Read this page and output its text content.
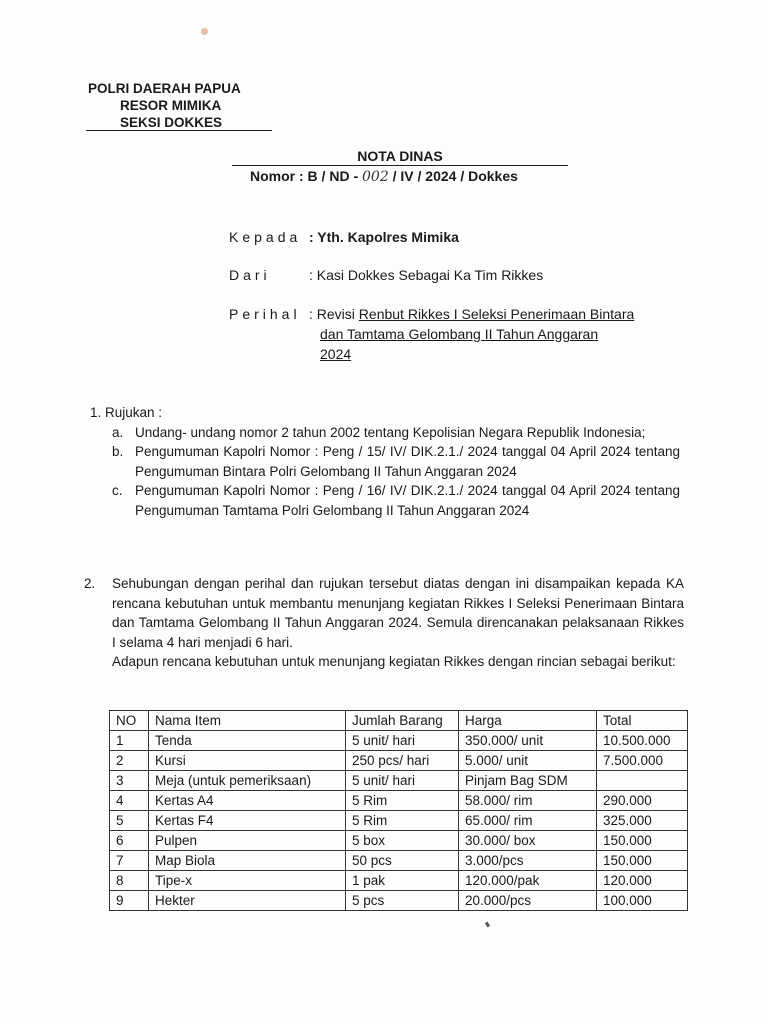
POLRI DAERAH PAPUA
RESOR MIMIKA
SEKSI DOKKES
NOTA DINAS
Nomor : B / ND - 002 / IV / 2024 / Dokkes
Kepada : Yth. Kapolres Mimika
Dari	: Kasi Dokkes Sebagai Ka Tim Rikkes
Perihal : Revisi Renbut Rikkes I Seleksi Penerimaan Bintara
dan Tamtama Gelombang II Tahun Anggaran
2024
1. Rujukan :
a. Undang- undang nomor 2 tahun 2002 tentang Kepolisian Negara Republik Indonesia;
b. Pengumuman Kapolri Nomor : Peng / 15/ IV/ DIK.2.1./ 2024 tanggal 04 April 2024 tentang Pengumuman Bintara Polri Gelombang II Tahun Anggaran 2024
c. Pengumuman Kapolri Nomor : Peng / 16/ IV/ DIK.2.1./ 2024 tanggal 04 April 2024 tentang Pengumuman Tamtama Polri Gelombang II Tahun Anggaran 2024
2. Sehubungan dengan perihal dan rujukan tersebut diatas dengan ini disampaikan kepada KA rencana kebutuhan untuk membantu menunjang kegiatan Rikkes I Seleksi Penerimaan Bintara dan Tamtama Gelombang II Tahun Anggaran 2024. Semula direncanakan pelaksanaan Rikkes I selama 4 hari menjadi 6 hari.

Adapun rencana kebutuhan untuk menunjang kegiatan Rikkes dengan rincian sebagai berikut:

NO	Nama Item	Jumlah Barang	Harga	Total
1	Tenda	5 unit/ hari	350.000/ unit	10.500.000
2	Kursi	250 pcs/ hari	5.000/ unit	7.500.000
3	Meja (untuk pemeriksaan)	5 unit/ hari	Pinjam Bag SDM	
4	Kertas A4	5 Rim	58.000/ rim	290.000
5	Kertas F4	5 Rim	65.000/ rim	325.000
6	Pulpen	5 box	30.000/ box	150.000
7	Map Biola	50 pcs	3.000/pcs	150.000
8	Tipe-x	1 pak	120.000/pak	120.000
9	Hekter	5 pcs	20.000/pcs	100.000
